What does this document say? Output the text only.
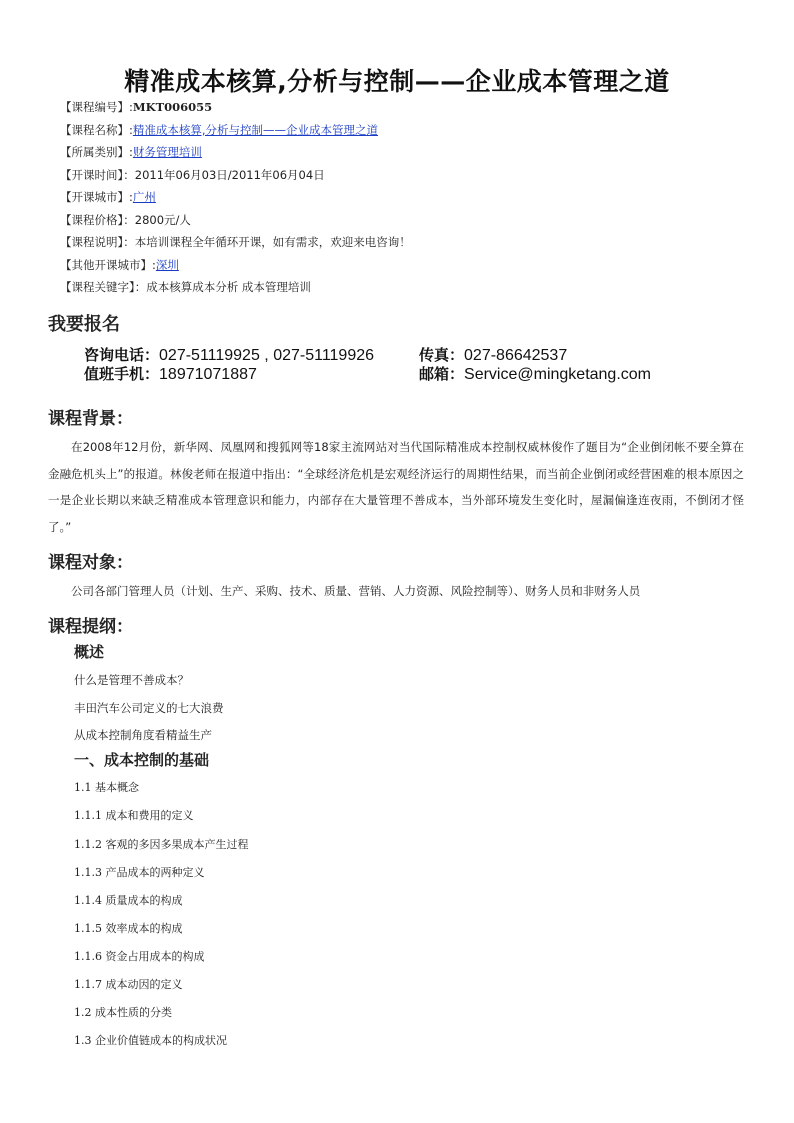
精准成本核算,分析与控制——企业成本管理之道
【课程编号】:MKT006055
【课程名称】:精准成本核算,分析与控制——企业成本管理之道
【所属类别】:财务管理培训
【开课时间】：2011年06月03日/2011年06月04日
【开课城市】:广州
【课程价格】：2800元/人
【课程说明】：本培训课程全年循环开课，如有需求，欢迎来电咨询！
【其他开课城市】:深圳
【课程关键字】：成本核算成本分析 成本管理培训
我要报名
咨询电话：027-51119925 , 027-51119926	传真：027-86642537
值班手机：18971071887	邮箱：Service@mingketang.com
课程背景：
在2008年12月份，新华网、凤凰网和搜狐网等18家主流网站对当代国际精准成本控制权威林俊作了题目为“企业倒闭帐不要全算在金融危机头上”的报道。林俊老师在报道中指出：“全球经济危机是宏观经济运行的周期性结果，而当前企业倒闭或经营困难的根本原因之一是企业长期以来缺乏精准成本管理意识和能力，内部存在大量管理不善成本，当外部环境发生变化时，屋漏偏逢连夜雨，不倒闭才怪了。”
课程对象：
公司各部门管理人员（计划、生产、采购、技术、质量、营销、人力资源、风险控制等）、财务人员和非财务人员
课程提纲：
概述
什么是管理不善成本？
丰田汽车公司定义的七大浪费
从成本控制角度看精益生产
一、成本控制的基础
1.1 基本概念
1.1.1 成本和费用的定义
1.1.2 客观的多因多果成本产生过程
1.1.3 产品成本的两种定义
1.1.4 质量成本的构成
1.1.5 效率成本的构成
1.1.6 资金占用成本的构成
1.1.7 成本动因的定义
1.2 成本性质的分类
1.3 企业价值链成本的构成状况
